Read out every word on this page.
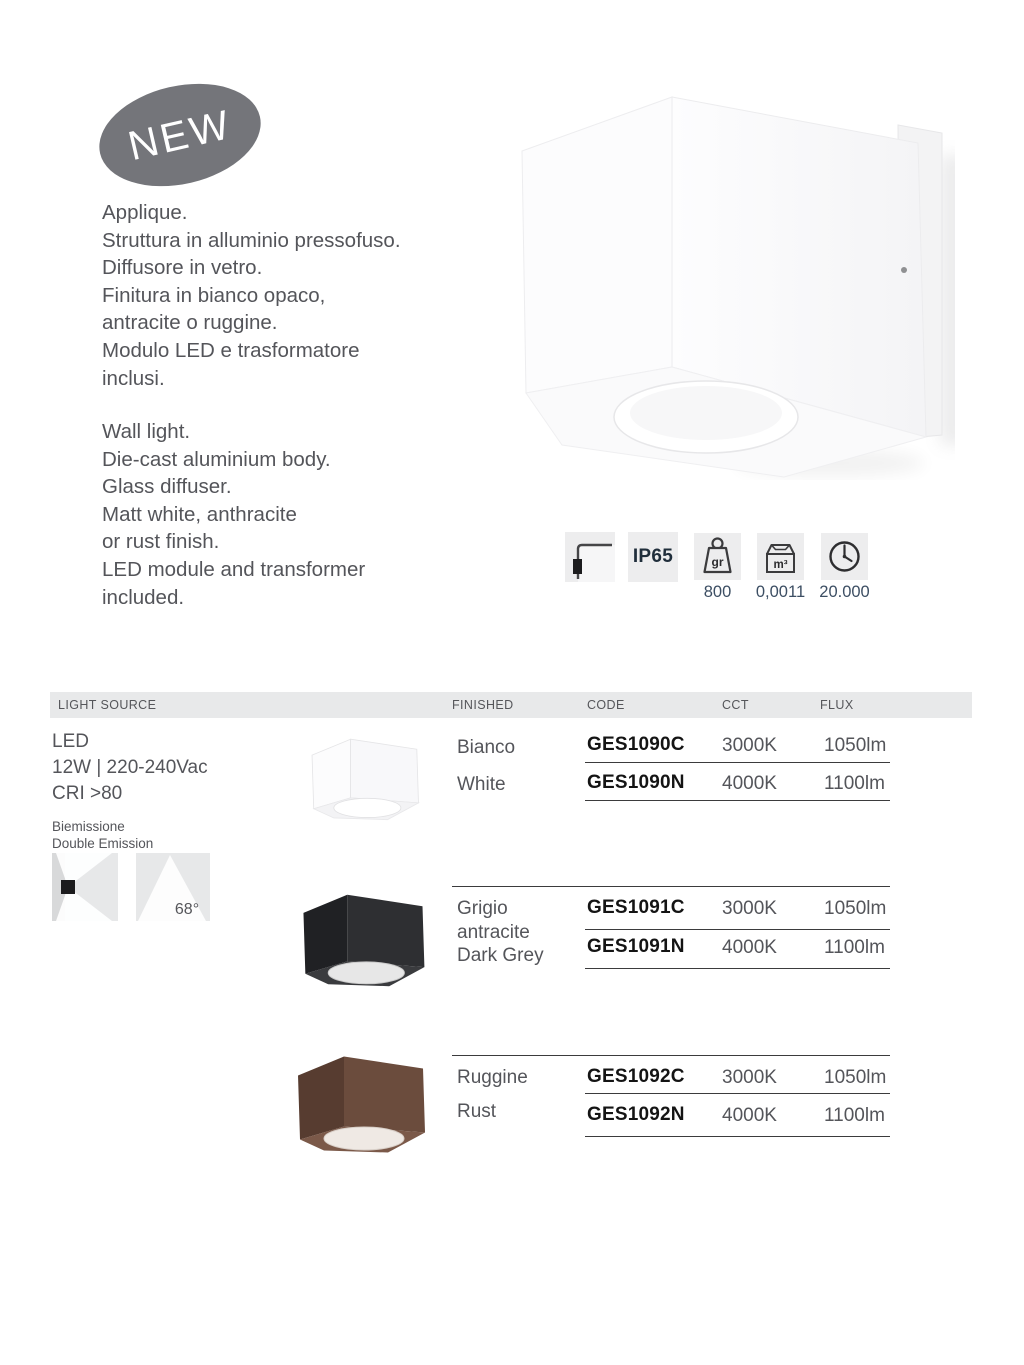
NEW
Applique.
Struttura in alluminio pressofuso.
Diffusore in vetro.
Finitura in bianco opaco,
antracite o ruggine.
Modulo LED e trasformatore
inclusi.
Wall light.
Die-cast aluminium body.
Glass diffuser.
Matt white, anthracite
or rust finish.
LED module and transformer
included.
IP65	gr	m³
800	0,0011 20.000
LIGHT SOURCE	FINISHED	CODE	CCT	FLUX
LED
12W | 220-240Vac
CRI >80
Biemissione
Double Emission
68°
Bianco
White
GES1090C 3000K 1050lm
GES1090N 4000K 1100lm
Grigio antracite
Dark Grey
GES1091C 3000K 1050lm
GES1091N 4000K 1100lm
Ruggine
Rust
GES1092C 3000K 1050lm
GES1092N 4000K 1100lm
